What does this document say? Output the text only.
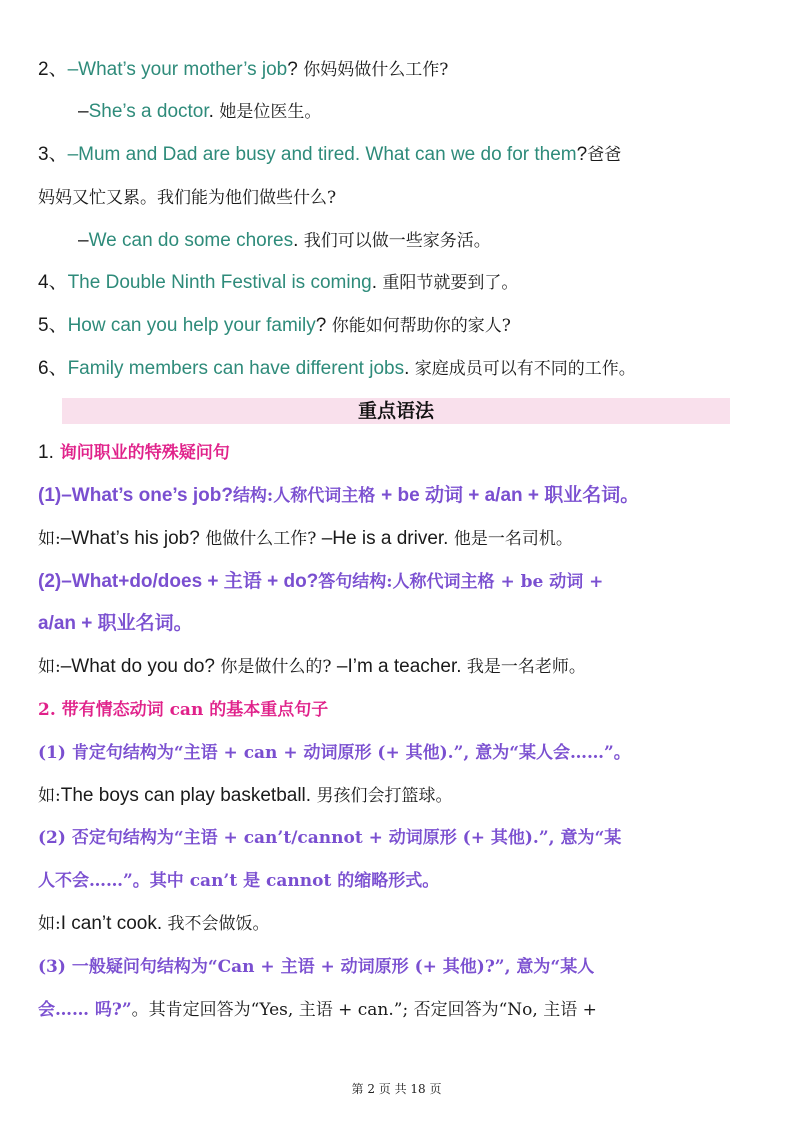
2、–What’s your mother’s job? 你妈妈做什么工作?
–She’s a doctor. 她是位医生。
3、–Mum and Dad are busy and tired. What can we do for them?爸爸
妈妈又忙又累。我们能为他们做些什么?
–We can do some chores. 我们可以做一些家务活。
4、The Double Ninth Festival is coming. 重阳节就要到了。
5、How can you help your family? 你能如何帮助你的家人?
6、Family members can have different jobs. 家庭成员可以有不同的工作。
重点语法
1. 询问职业的特殊疑问句
(1)–What’s one’s job?结构:人称代词主格 + be 动词 + a/an + 职业名词。
如:–What’s his job? 他做什么工作? –He is a driver. 他是一名司机。
(2)–What+do/does + 主语 + do?答句结构:人称代词主格 + be 动词 +
a/an + 职业名词。
如:–What do you do? 你是做什么的? –I’m a teacher. 我是一名老师。
2. 带有情态动词 can 的基本重点句子
(1) 肯定句结构为“主语 + can + 动词原形 (+ 其他).”, 意为“某人会……”。
如:The boys can play basketball. 男孩们会打篮球。
(2) 否定句结构为“主语 + can’t/cannot + 动词原形 (+ 其他).”, 意为“某
人不会……”。其中 can’t 是 cannot 的缩略形式。
如:I can’t cook. 我不会做饭。
(3) 一般疑问句结构为“Can + 主语 + 动词原形 (+ 其他)?”, 意为“某人
会…… 吗?”。其肯定回答为“Yes, 主语 + can.”; 否定回答为“No, 主语 +
第 2 页 共 18 页
